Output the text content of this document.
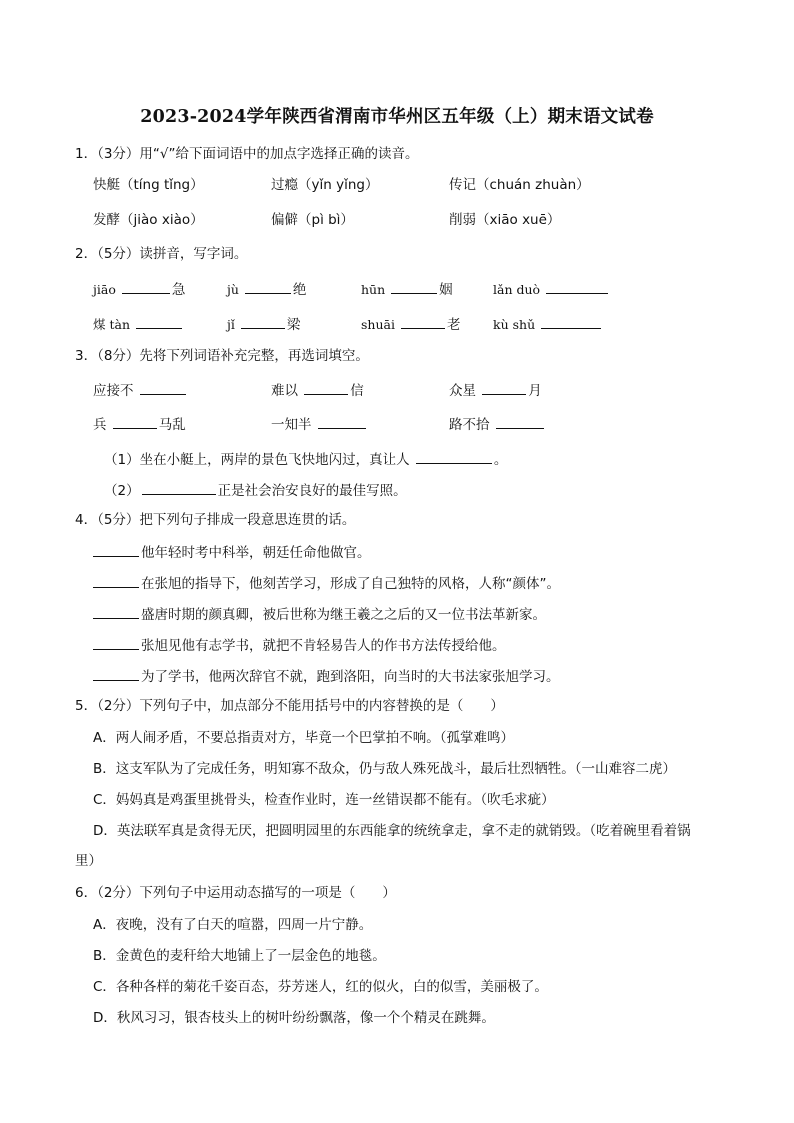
2023-2024学年陕西省渭南市华州区五年级（上）期末语文试卷
1．（3分）用“√”给下面词语中的加点字选择正确的读音。
快艇（tíng tǐng）	过瘾（yǐn yǐng）	传记（chuán zhuàn）
发酵（jiào xiào）	偏僻（pì bì）	削弱（xiāo xuē）
2．（5分）读拼音，写字词。
jiāo	急	jù	绝	hūn	姻	lǎn duò
煤 tàn	jǐ	梁	shuāi	老	kù shǔ
3．（8分）先将下列词语补充完整，再选词填空。
应接不	难以	信	众星	月
兵	马乱	一知半	路不拾
（1）坐在小艇上，两岸的景色飞快地闪过，真让人	。
（2）	正是社会治安良好的最佳写照。
4．（5分）把下列句子排成一段意思连贯的话。
他年轻时考中科举，朝廷任命他做官。
在张旭的指导下，他刻苦学习，形成了自己独特的风格，人称“颜体”。
盛唐时期的颜真卿，被后世称为继王羲之之后的又一位书法革新家。
张旭见他有志学书，就把不肯轻易告人的作书方法传授给他。
为了学书，他两次辞官不就，跑到洛阳，向当时的大书法家张旭学习。
5．（2分）下列句子中，加点部分不能用括号中的内容替换的是（　　）
A．两人闹矛盾，不要总指责对方，毕竟一个巴掌拍不响。（孤掌难鸣）
B．这支军队为了完成任务，明知寡不敌众，仍与敌人殊死战斗，最后壮烈牺牲。（一山难容二虎）
C．妈妈真是鸡蛋里挑骨头，检查作业时，连一丝错误都不能有。（吹毛求疵）
D．英法联军真是贪得无厌，把圆明园里的东西能拿的统统拿走，拿不走的就销毁。（吃着碗里看着锅
里）
6．（2分）下列句子中运用动态描写的一项是（　　）
A．夜晚，没有了白天的喧嚣，四周一片宁静。
B．金黄色的麦秆给大地铺上了一层金色的地毯。
C．各种各样的菊花千姿百态，芬芳迷人，红的似火，白的似雪，美丽极了。
D．秋风习习，银杏枝头上的树叶纷纷飘落，像一个个精灵在跳舞。
